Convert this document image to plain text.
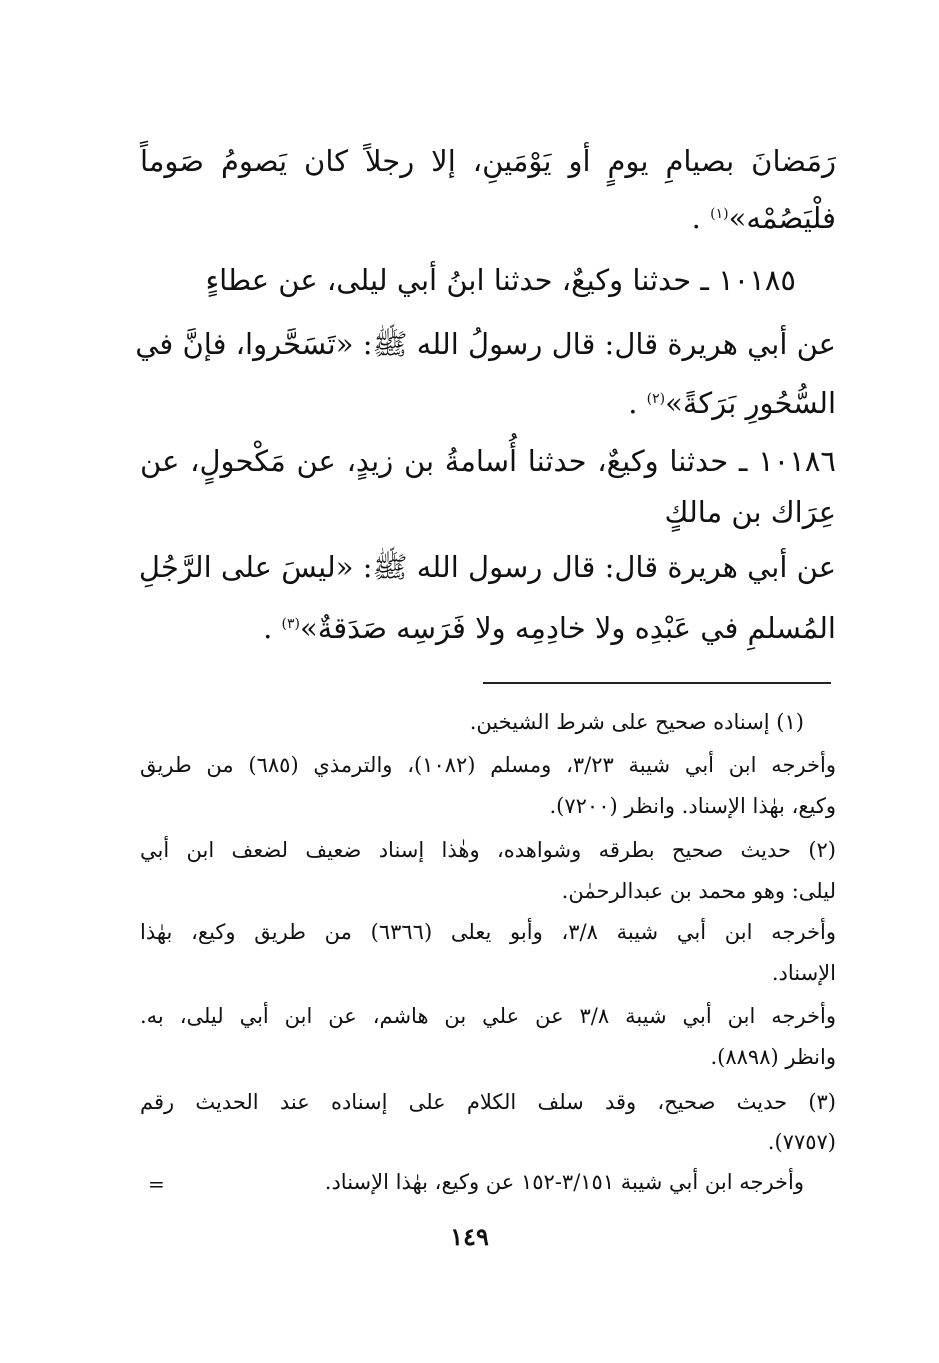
رَمَضانَ بصيامِ يومٍ أو يَوْمَينِ، إلا رجلاً كان يَصومُ صَوماً
فلْيَصُمْه»$^{(١)}$ .
١٠١٨٥ ـ حدثنا وكيعٌ، حدثنا ابنُ أبي ليلى، عن عطاءٍ
عن أبي هريرة قال: قال رسولُ الله ﷺ: «تَسَحَّروا، فإنَّ في
السُّحُورِ بَرَكةً»$^{(٢)}$ .
١٠١٨٦ ـ حدثنا وكيعٌ، حدثنا أُسامةُ بن زيدٍ، عن مَكْحولٍ، عن
عِرَاك بن مالكٍ
عن أبي هريرة قال: قال رسول الله ﷺ: «ليسَ على الرَّجُلِ
المُسلمِ في عَبْدِه ولا خادِمِه ولا فَرَسِه صَدَقةٌ»$^{(٣)}$ .
(١) إسناده صحيح على شرط الشيخين.
وأخرجه ابن أبي شيبة ٣/٢٣، ومسلم (١٠٨٢)، والترمذي (٦٨٥) من طريق
وكيع، بهٰذا الإسناد. وانظر (٧٢٠٠).
(٢) حديث صحيح بطرقه وشواهده، وهٰذا إسناد ضعيف لضعف ابن أبي
ليلى: وهو محمد بن عبدالرحمٰن.
وأخرجه ابن أبي شيبة ٣/٨، وأبو يعلى (٦٣٦٦) من طريق وكيع، بهٰذا
الإسناد.
وأخرجه ابن أبي شيبة ٣/٨ عن علي بن هاشم، عن ابن أبي ليلى، به.
وانظر (٨٨٩٨).
(٣) حديث صحيح، وقد سلف الكلام على إسناده عند الحديث رقم
(٧٧٥٧).
وأخرجه ابن أبي شيبة ٣/١٥١-١٥٢ عن وكيع، بهٰذا الإسناد.
=
١٤٩
